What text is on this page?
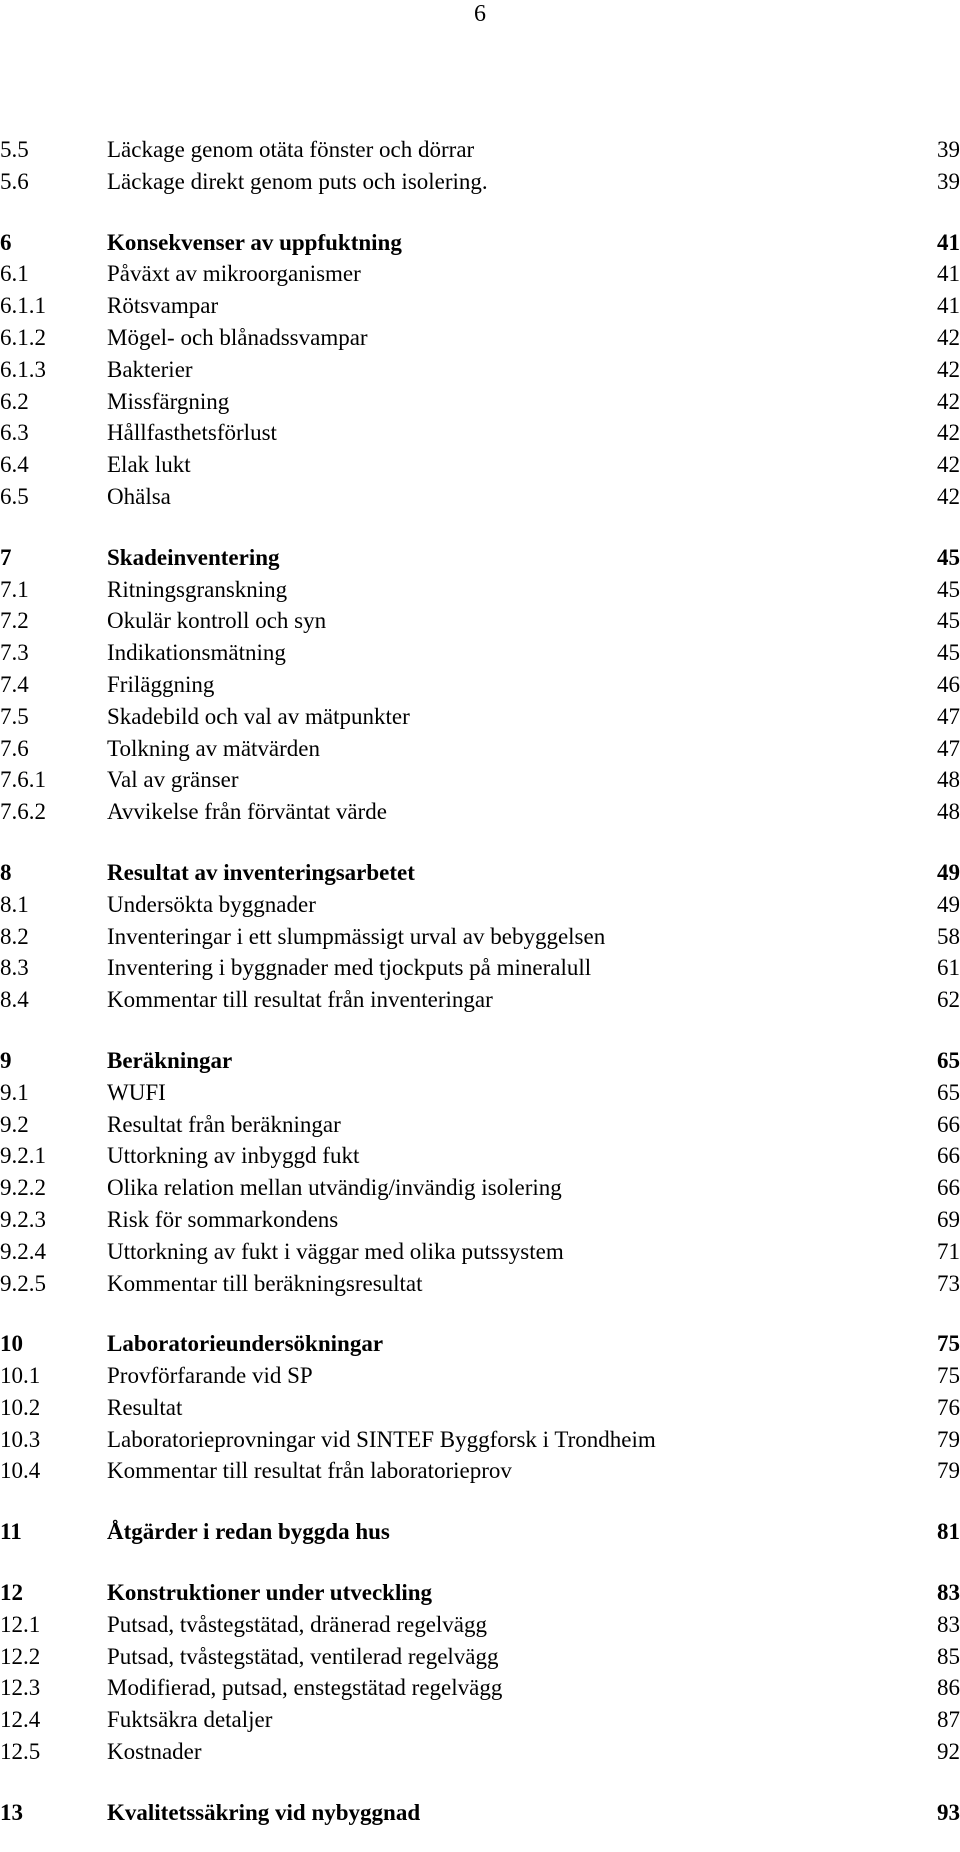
6
5.5	Läckage genom otäta fönster och dörrar	39
5.6	Läckage direkt genom puts och isolering.	39
6	Konsekvenser av uppfuktning	41
6.1	Påväxt av mikroorganismer	41
6.1.1	Rötsvampar	41
6.1.2	Mögel- och blånadssvampar	42
6.1.3	Bakterier	42
6.2	Missfärgning	42
6.3	Hållfasthetsförlust	42
6.4	Elak lukt	42
6.5	Ohälsa	42
7	Skadeinventering	45
7.1	Ritningsgranskning	45
7.2	Okulär kontroll och syn	45
7.3	Indikationsmätning	45
7.4	Friläggning	46
7.5	Skadebild och val av mätpunkter	47
7.6	Tolkning av mätvärden	47
7.6.1	Val av gränser	48
7.6.2	Avvikelse från förväntat värde	48
8	Resultat av inventeringsarbetet	49
8.1	Undersökta byggnader	49
8.2	Inventeringar i ett slumpmässigt urval av bebyggelsen	58
8.3	Inventering i byggnader med tjockputs på mineralull	61
8.4	Kommentar till resultat från inventeringar	62
9	Beräkningar	65
9.1	WUFI	65
9.2	Resultat från beräkningar	66
9.2.1	Uttorkning av inbyggd fukt	66
9.2.2	Olika relation mellan utvändig/invändig isolering	66
9.2.3	Risk för sommarkondens	69
9.2.4	Uttorkning av fukt i väggar med olika putssystem	71
9.2.5	Kommentar till beräkningsresultat	73
10	Laboratorieundersökningar	75
10.1	Provförfarande vid SP	75
10.2	Resultat	76
10.3	Laboratorieprovningar vid SINTEF Byggforsk i Trondheim	79
10.4	Kommentar till resultat från laboratorieprov	79
11	Åtgärder i redan byggda hus	81
12	Konstruktioner under utveckling	83
12.1	Putsad, tvåstegstätad, dränerad regelvägg	83
12.2	Putsad, tvåstegstätad, ventilerad regelvägg	85
12.3	Modifierad, putsad, enstegstätad regelvägg	86
12.4	Fuktsäkra detaljer	87
12.5	Kostnader	92
13	Kvalitetssäkring vid nybyggnad	93
